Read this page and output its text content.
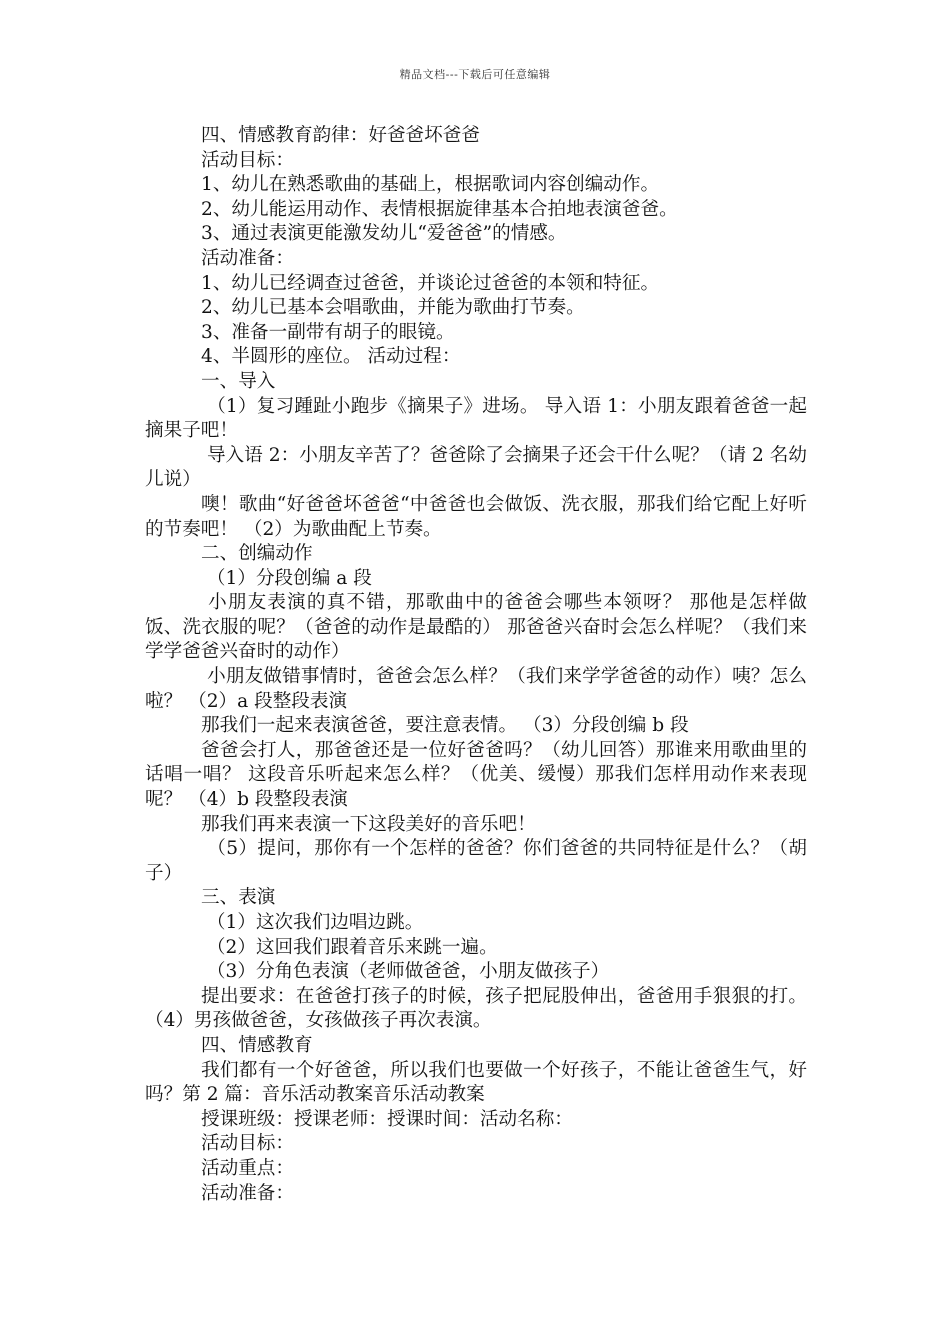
精品文档---下载后可任意编辑

四、情感教育韵律：好爸爸坏爸爸

活动目标：

1、幼儿在熟悉歌曲的基础上，根据歌词内容创编动作。

2、幼儿能运用动作、表情根据旋律基本合拍地表演爸爸。

3、通过表演更能激发幼儿“爱爸爸”的情感。

活动准备：

1、幼儿已经调查过爸爸，并谈论过爸爸的本领和特征。

2、幼儿已基本会唱歌曲，并能为歌曲打节奏。

3、准备一副带有胡子的眼镜。

4、半圆形的座位。 活动过程：

一、导入

（1）复习踵趾小跑步《摘果子》进场。 导入语 1：小朋友跟着爸爸一起摘果子吧！

导入语 2：小朋友辛苦了？爸爸除了会摘果子还会干什么呢？（请 2 名幼儿说）

噢！歌曲“好爸爸坏爸爸“中爸爸也会做饭、洗衣服，那我们给它配上好听的节奏吧！ （2）为歌曲配上节奏。

二、创编动作

（1）分段创编 a 段

小朋友表演的真不错，那歌曲中的爸爸会哪些本领呀？ 那他是怎样做饭、洗衣服的呢？（爸爸的动作是最酷的） 那爸爸兴奋时会怎么样呢？（我们来学学爸爸兴奋时的动作）

小朋友做错事情时，爸爸会怎么样？（我们来学学爸爸的动作）咦？怎么啦？ （2）a 段整段表演

那我们一起来表演爸爸，要注意表情。 （3）分段创编 b 段

爸爸会打人，那爸爸还是一位好爸爸吗？（幼儿回答）那谁来用歌曲里的话唱一唱？ 这段音乐听起来怎么样？（优美、缓慢）那我们怎样用动作来表现呢？ （4）b 段整段表演

那我们再来表演一下这段美好的音乐吧！

（5）提问，那你有一个怎样的爸爸？你们爸爸的共同特征是什么？（胡子）

三、表演

（1）这次我们边唱边跳。

（2）这回我们跟着音乐来跳一遍。

（3）分角色表演（老师做爸爸，小朋友做孩子）

提出要求：在爸爸打孩子的时候，孩子把屁股伸出，爸爸用手狠狠的打。 （4）男孩做爸爸，女孩做孩子再次表演。

四、情感教育

我们都有一个好爸爸，所以我们也要做一个好孩子，不能让爸爸生气，好吗？第 2 篇：音乐活动教案音乐活动教案

授课班级：授课老师：授课时间：活动名称：

活动目标：

活动重点：

活动准备：
